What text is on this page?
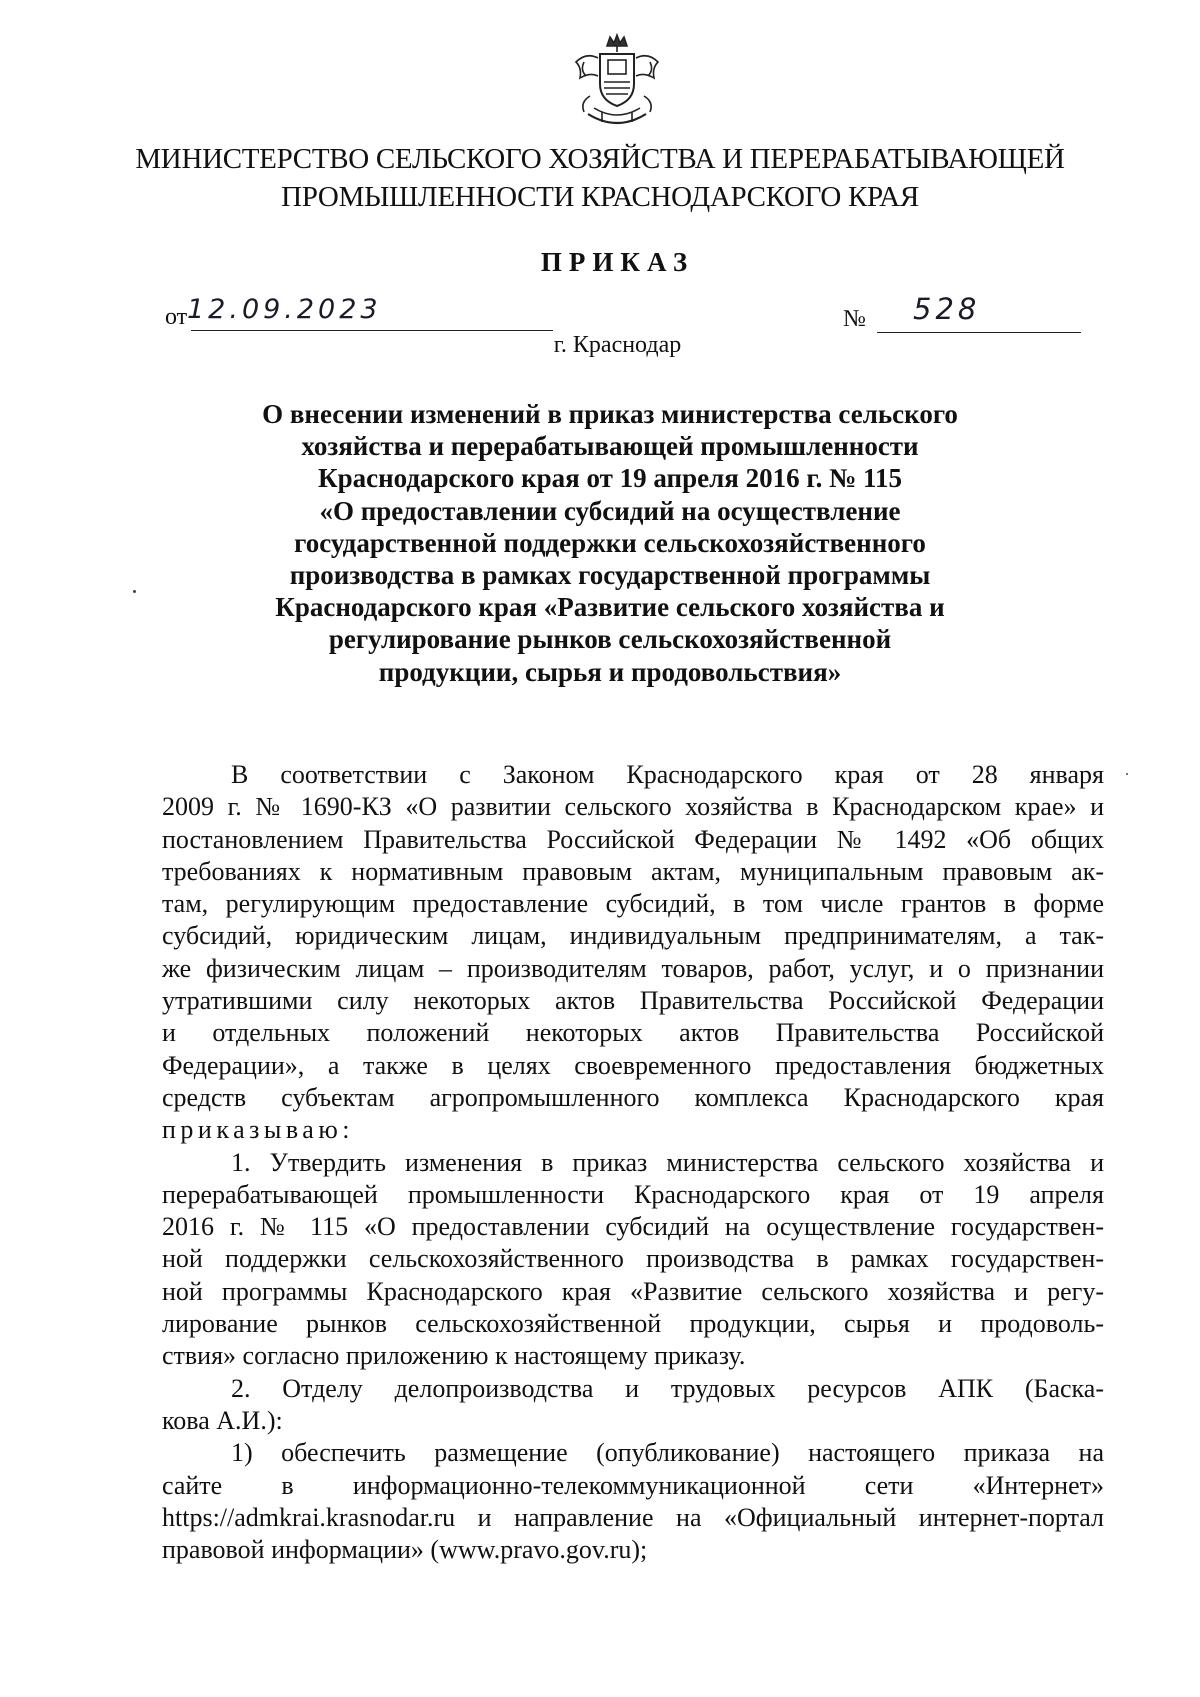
МИНИСТЕРСТВО СЕЛЬСКОГО ХОЗЯЙСТВА И ПЕРЕРАБАТЫВАЮЩЕЙ
ПРОМЫШЛЕННОСТИ КРАСНОДАРСКОГО КРАЯ
ПРИКАЗ
от 12.09.2023	№ 528
г. Краснодар
О внесении изменений в приказ министерства сельского
хозяйства и перерабатывающей промышленности
Краснодарского края от 19 апреля 2016 г. № 115
«О предоставлении субсидий на осуществление
государственной поддержки сельскохозяйственного
производства в рамках государственной программы
Краснодарского края «Развитие сельского хозяйства и
регулирование рынков сельскохозяйственной
продукции, сырья и продовольствия»
В соответствии с Законом Краснодарского края от 28 января
2009 г. № 1690-КЗ «О развитии сельского хозяйства в Краснодарском крае» и
постановлением Правительства Российской Федерации № 1492 «Об общих
требованиях к нормативным правовым актам, муниципальным правовым ак-
там, регулирующим предоставление субсидий, в том числе грантов в форме
субсидий, юридическим лицам, индивидуальным предпринимателям, а так-
же физическим лицам – производителям товаров, работ, услуг, и о признании
утратившими силу некоторых актов Правительства Российской Федерации
и отдельных положений некоторых актов Правительства Российской
Федерации», а также в целях своевременного предоставления бюджетных
средств субъектам агропромышленного комплекса Краснодарского края
приказываю:
1. Утвердить изменения в приказ министерства сельского хозяйства и
перерабатывающей промышленности Краснодарского края от 19 апреля
2016 г. № 115 «О предоставлении субсидий на осуществление государствен-
ной поддержки сельскохозяйственного производства в рамках государствен-
ной программы Краснодарского края «Развитие сельского хозяйства и регу-
лирование рынков сельскохозяйственной продукции, сырья и продоволь-
ствия» согласно приложению к настоящему приказу.
2. Отделу делопроизводства и трудовых ресурсов АПК (Баска-
кова А.И.):
1) обеспечить размещение (опубликование) настоящего приказа на
сайте в информационно-телекоммуникационной сети «Интернет»
https://admkrai.krasnodar.ru и направление на «Официальный интернет-портал
правовой информации» (www.pravo.gov.ru);
